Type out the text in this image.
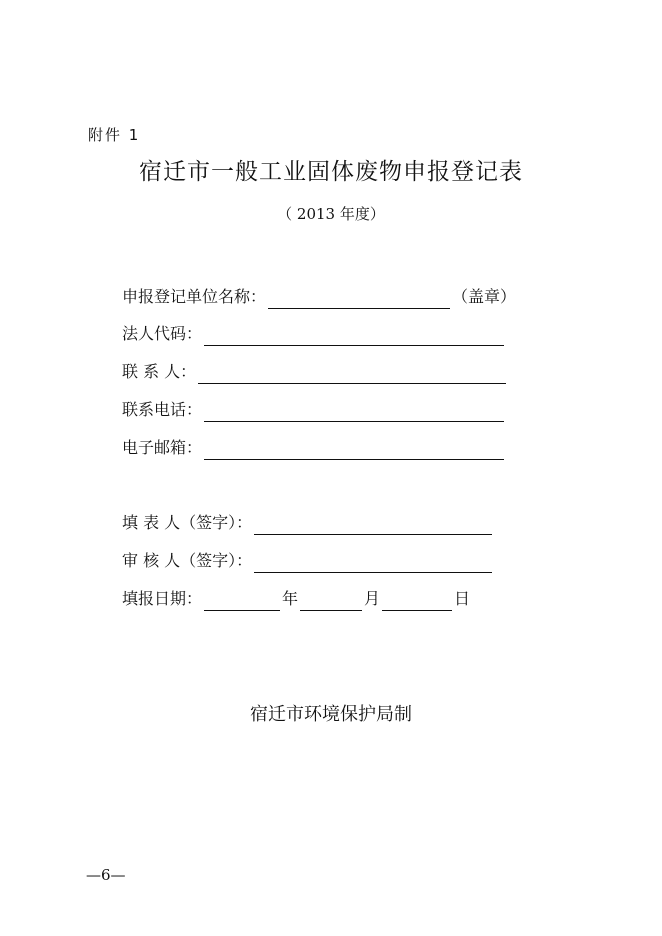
附件 1
宿迁市一般工业固体废物申报登记表
（ 2013 年度）
申报登记单位名称：	（盖章）
法人代码：
联 系 人：
联系电话：
电子邮箱：
填 表 人（签字）：
审 核 人（签字）：
填报日期：	年	月	日
宿迁市环境保护局制
—6—
